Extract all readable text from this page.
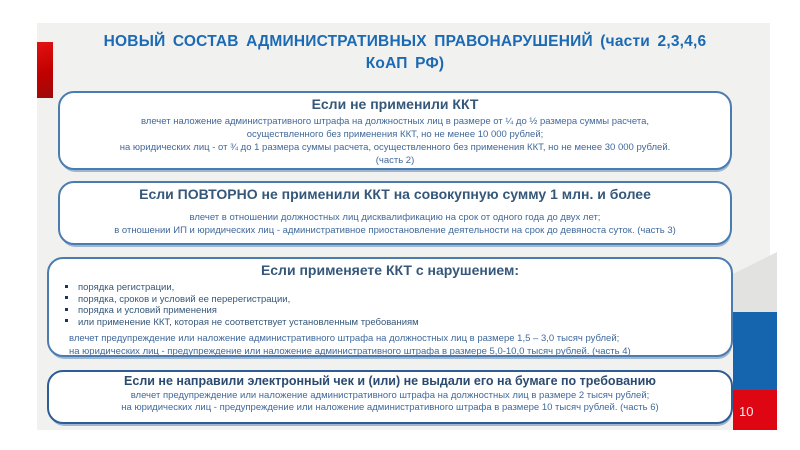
НОВЫЙ СОСТАВ АДМИНИСТРАТИВНЫХ ПРАВОНАРУШЕНИЙ (части 2,3,4,6
КоАП РФ)
Если не применили ККТ
влечет наложение административного штрафа на должностных лиц в размере от ¼ до ½ размера суммы расчета,
осуществленного без применения ККТ, но не менее 10 000 рублей;
на юридических лиц - от ¾ до 1 размера суммы расчета, осуществленного без применения ККТ, но не менее 30 000 рублей.
(часть 2)
Если ПОВТОРНО не применили ККТ на совокупную сумму 1 млн. и более
влечет в отношении должностных лиц дисквалификацию на срок от одного года до двух лет;
в отношении ИП и юридических лиц - административное приостановление деятельности на срок до девяноста суток. (часть 3)
Если применяете ККТ с нарушением:
порядка регистрации,
порядка, сроков и условий ее перерегистрации,
порядка и условий применения
или применение ККТ, которая не соответствует установленным требованиям
влечет предупреждение или наложение административного штрафа на должностных лиц в размере 1,5 – 3,0 тысяч рублей;
на юридических лиц - предупреждение или наложение административного штрафа в размере 5,0-10,0 тысяч рублей. (часть 4)
Если не направили электронный чек и (или) не выдали его на бумаге по требованию
влечет предупреждение или наложение административного штрафа на должностных лиц в размере 2 тысяч рублей;
на юридических лиц - предупреждение или наложение административного штрафа в размере 10 тысяч рублей. (часть 6)	10
